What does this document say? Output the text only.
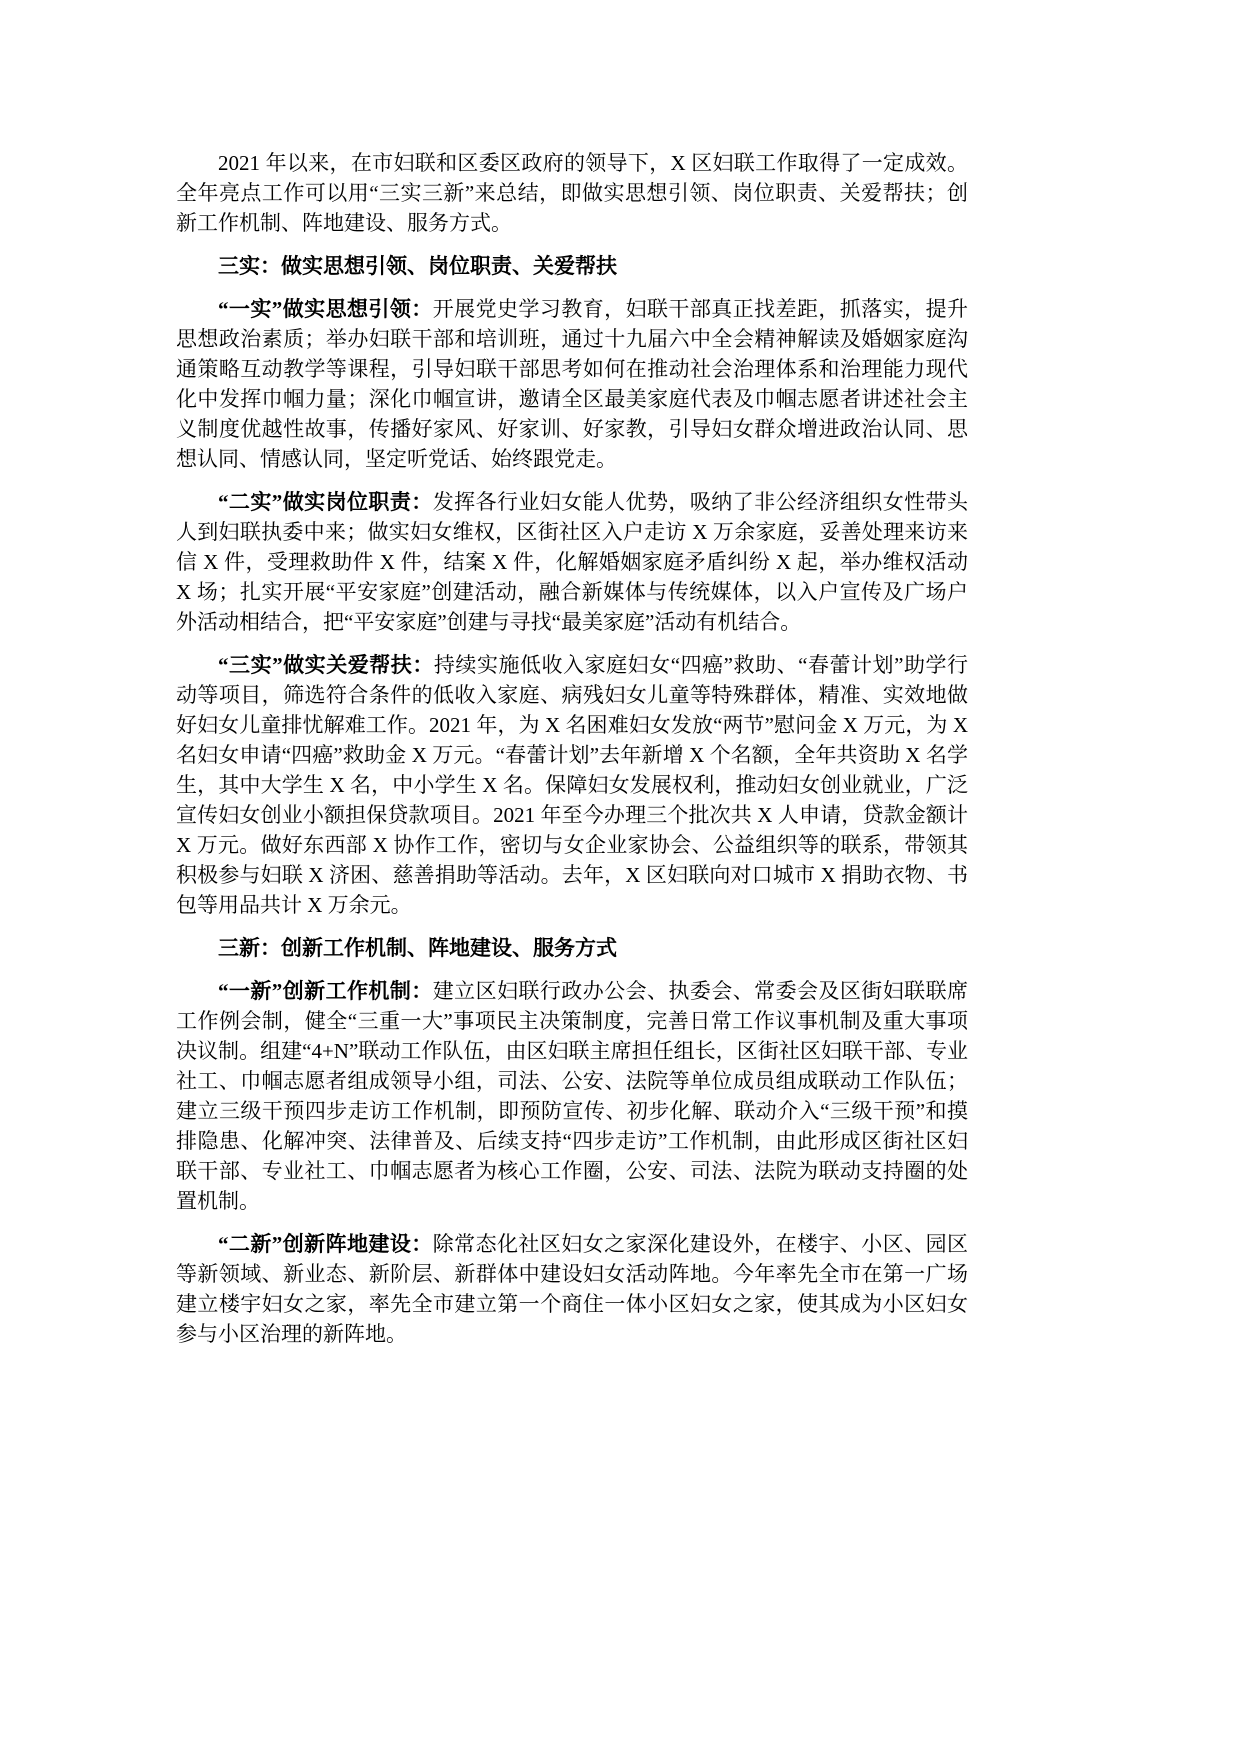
2021 年以来，在市妇联和区委区政府的领导下，X 区妇联工作取得了一定成效。全年亮点工作可以用“三实三新”来总结，即做实思想引领、岗位职责、关爱帮扶；创新工作机制、阵地建设、服务方式。

三实：做实思想引领、岗位职责、关爱帮扶

“一实”做实思想引领：开展党史学习教育，妇联干部真正找差距，抓落实，提升思想政治素质；举办妇联干部和培训班，通过十九届六中全会精神解读及婚姻家庭沟通策略互动教学等课程，引导妇联干部思考如何在推动社会治理体系和治理能力现代化中发挥巾帼力量；深化巾帼宣讲，邀请全区最美家庭代表及巾帼志愿者讲述社会主义制度优越性故事，传播好家风、好家训、好家教，引导妇女群众增进政治认同、思想认同、情感认同，坚定听党话、始终跟党走。

“二实”做实岗位职责：发挥各行业妇女能人优势，吸纳了非公经济组织女性带头人到妇联执委中来；做实妇女维权，区街社区入户走访 X 万余家庭，妥善处理来访来信 X 件，受理救助件 X 件，结案 X 件，化解婚姻家庭矛盾纠纷 X 起，举办维权活动 X 场；扎实开展“平安家庭”创建活动，融合新媒体与传统媒体，以入户宣传及广场户外活动相结合，把“平安家庭”创建与寻找“最美家庭”活动有机结合。

“三实”做实关爱帮扶：持续实施低收入家庭妇女“四癌”救助、“春蕾计划”助学行动等项目，筛选符合条件的低收入家庭、病残妇女儿童等特殊群体，精准、实效地做好妇女儿童排忧解难工作。2021 年，为 X 名困难妇女发放“两节”慰问金 X 万元，为 X 名妇女申请“四癌”救助金 X 万元。“春蕾计划”去年新增 X 个名额，全年共资助 X 名学生，其中大学生 X 名，中小学生 X 名。保障妇女发展权利，推动妇女创业就业，广泛宣传妇女创业小额担保贷款项目。2021 年至今办理三个批次共 X 人申请，贷款金额计 X 万元。做好东西部 X 协作工作，密切与女企业家协会、公益组织等的联系，带领其积极参与妇联 X 济困、慈善捐助等活动。去年，X 区妇联向对口城市 X 捐助衣物、书包等用品共计 X 万余元。

三新：创新工作机制、阵地建设、服务方式

“一新”创新工作机制：建立区妇联行政办公会、执委会、常委会及区街妇联联席工作例会制，健全“三重一大”事项民主决策制度，完善日常工作议事机制及重大事项决议制。组建“4+N”联动工作队伍，由区妇联主席担任组长，区街社区妇联干部、专业社工、巾帼志愿者组成领导小组，司法、公安、法院等单位成员组成联动工作队伍；建立三级干预四步走访工作机制，即预防宣传、初步化解、联动介入“三级干预”和摸排隐患、化解冲突、法律普及、后续支持“四步走访”工作机制，由此形成区街社区妇联干部、专业社工、巾帼志愿者为核心工作圈，公安、司法、法院为联动支持圈的处置机制。

“二新”创新阵地建设：除常态化社区妇女之家深化建设外，在楼宇、小区、园区等新领域、新业态、新阶层、新群体中建设妇女活动阵地。今年率先全市在第一广场建立楼宇妇女之家，率先全市建立第一个商住一体小区妇女之家，使其成为小区妇女参与小区治理的新阵地。
